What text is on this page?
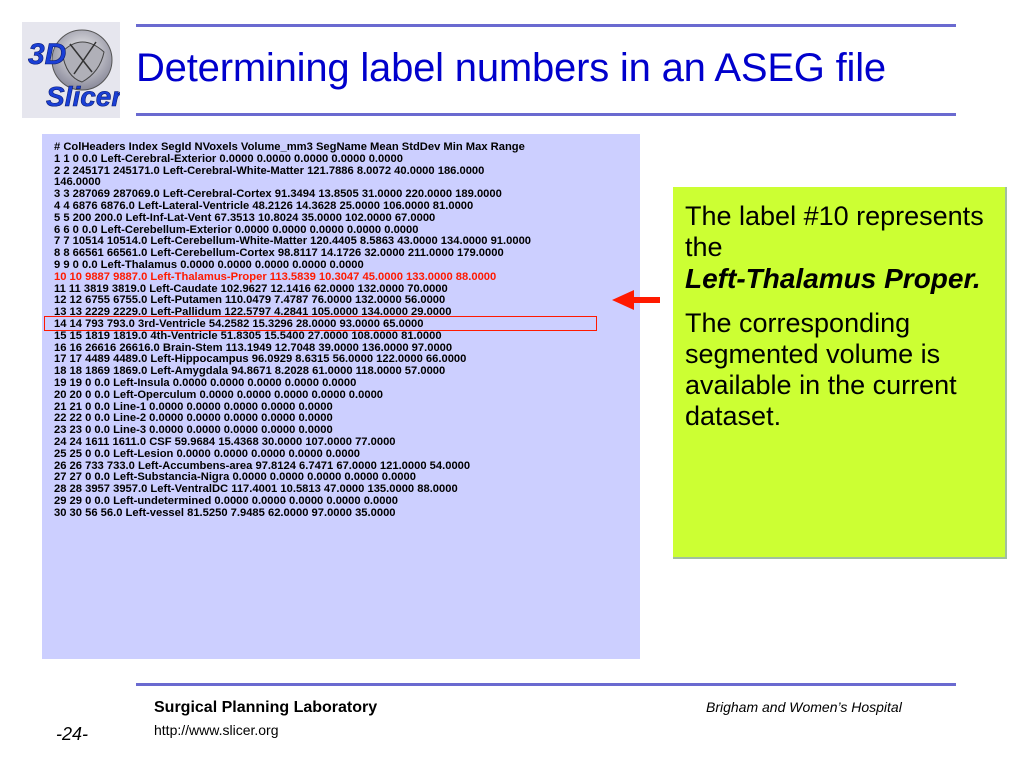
3D
Slicer
Determining label numbers in an ASEG file
# ColHeaders Index SegId NVoxels Volume_mm3 SegName Mean StdDev Min Max Range
1 1 0 0.0 Left-Cerebral-Exterior 0.0000 0.0000 0.0000 0.0000 0.0000
2 2 245171 245171.0 Left-Cerebral-White-Matter 121.7886 8.0072 40.0000 186.0000
146.0000
3 3 287069 287069.0 Left-Cerebral-Cortex 91.3494 13.8505 31.0000 220.0000 189.0000
4 4 6876 6876.0 Left-Lateral-Ventricle 48.2126 14.3628 25.0000 106.0000 81.0000
5 5 200 200.0 Left-Inf-Lat-Vent 67.3513 10.8024 35.0000 102.0000 67.0000
6 6 0 0.0 Left-Cerebellum-Exterior 0.0000 0.0000 0.0000 0.0000 0.0000
7 7 10514 10514.0 Left-Cerebellum-White-Matter 120.4405 8.5863 43.0000 134.0000 91.0000
8 8 66561 66561.0 Left-Cerebellum-Cortex 98.8117 14.1726 32.0000 211.0000 179.0000
9 9 0 0.0 Left-Thalamus 0.0000 0.0000 0.0000 0.0000 0.0000
10 10 9887 9887.0 Left-Thalamus-Proper 113.5839 10.3047 45.0000 133.0000 88.0000
11 11 3819 3819.0 Left-Caudate 102.9627 12.1416 62.0000 132.0000 70.0000
12 12 6755 6755.0 Left-Putamen 110.0479 7.4787 76.0000 132.0000 56.0000
13 13 2229 2229.0 Left-Pallidum 122.5797 4.2841 105.0000 134.0000 29.0000
14 14 793 793.0 3rd-Ventricle 54.2582 15.3296 28.0000 93.0000 65.0000
15 15 1819 1819.0 4th-Ventricle 51.8305 15.5400 27.0000 108.0000 81.0000
16 16 26616 26616.0 Brain-Stem 113.1949 12.7048 39.0000 136.0000 97.0000
17 17 4489 4489.0 Left-Hippocampus 96.0929 8.6315 56.0000 122.0000 66.0000
18 18 1869 1869.0 Left-Amygdala 94.8671 8.2028 61.0000 118.0000 57.0000
19 19 0 0.0 Left-Insula 0.0000 0.0000 0.0000 0.0000 0.0000
20 20 0 0.0 Left-Operculum 0.0000 0.0000 0.0000 0.0000 0.0000
21 21 0 0.0 Line-1 0.0000 0.0000 0.0000 0.0000 0.0000
22 22 0 0.0 Line-2 0.0000 0.0000 0.0000 0.0000 0.0000
23 23 0 0.0 Line-3 0.0000 0.0000 0.0000 0.0000 0.0000
24 24 1611 1611.0 CSF 59.9684 15.4368 30.0000 107.0000 77.0000
25 25 0 0.0 Left-Lesion 0.0000 0.0000 0.0000 0.0000 0.0000
26 26 733 733.0 Left-Accumbens-area 97.8124 6.7471 67.0000 121.0000 54.0000
27 27 0 0.0 Left-Substancia-Nigra 0.0000 0.0000 0.0000 0.0000 0.0000
28 28 3957 3957.0 Left-VentralDC 117.4001 10.5813 47.0000 135.0000 88.0000
29 29 0 0.0 Left-undetermined 0.0000 0.0000 0.0000 0.0000 0.0000
30 30 56 56.0 Left-vessel 81.5250 7.9485 62.0000 97.0000 35.0000

The label #10 represents the
Left-Thalamus Proper.

The corresponding segmented volume is available in the current dataset.

Surgical Planning Laboratory
http://www.slicer.org
Brigham and Women’s Hospital
-24-
